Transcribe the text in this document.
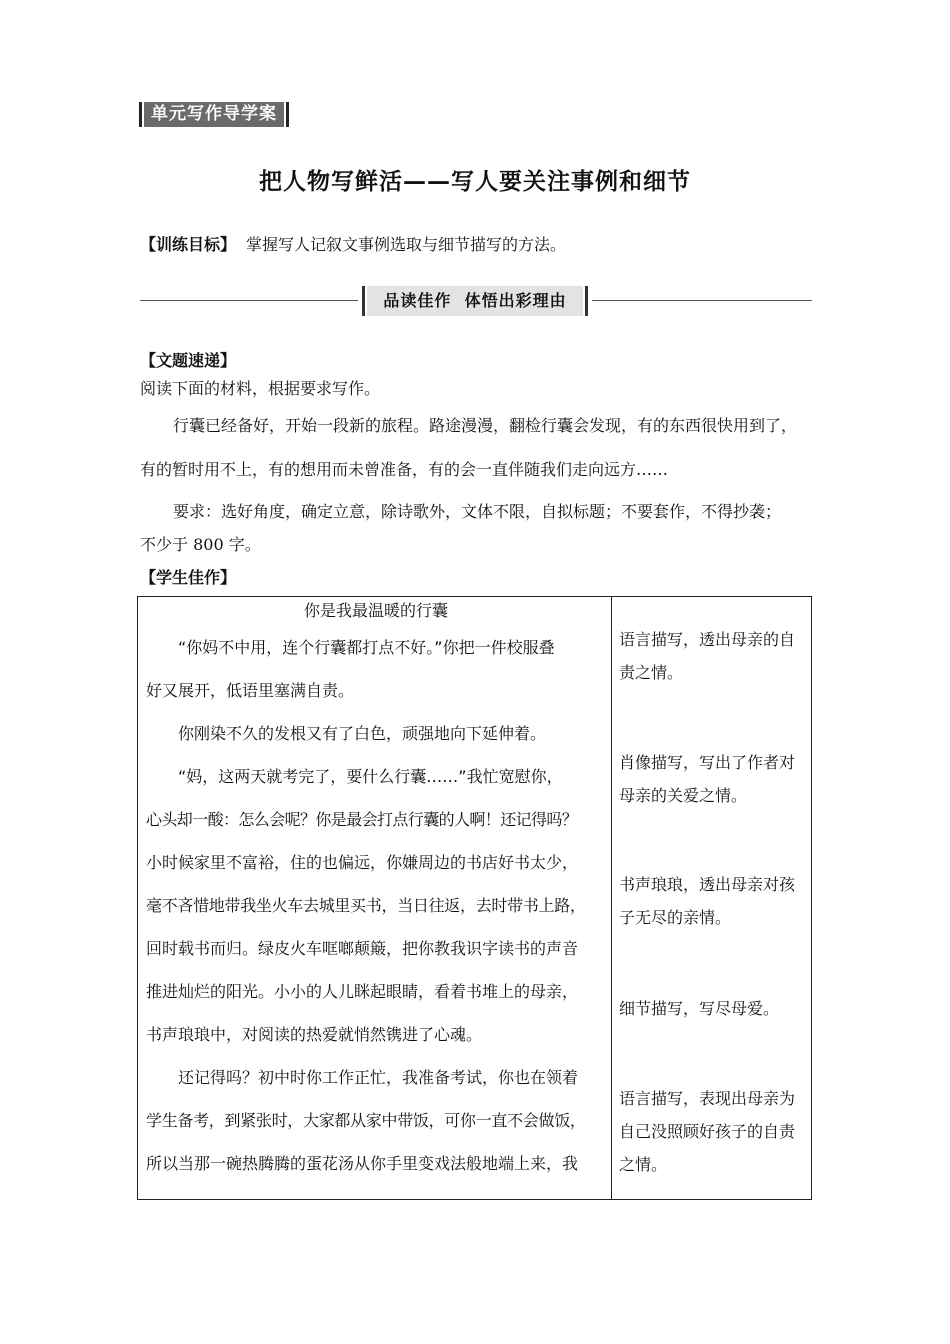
单元写作导学案
把人物写鲜活——写人要关注事例和细节
【训练目标】 掌握写人记叙文事例选取与细节描写的方法。
品读佳作  体悟出彩理由
【文题速递】
阅读下面的材料，根据要求写作。
行囊已经备好，开始一段新的旅程。路途漫漫，翻检行囊会发现，有的东西很快用到了，
有的暂时用不上，有的想用而未曾准备，有的会一直伴随我们走向远方……
要求：选好角度，确定立意，除诗歌外，文体不限，自拟标题；不要套作，不得抄袭；
不少于 800 字。
【学生佳作】
你是我最温暖的行囊
“你妈不中用，连个行囊都打点不好。”你把一件校服叠
好又展开，低语里塞满自责。
你刚染不久的发根又有了白色，顽强地向下延伸着。
“妈，这两天就考完了，要什么行囊……”我忙宽慰你，
心头却一酸：怎么会呢？你是最会打点行囊的人啊！还记得吗？
小时候家里不富裕，住的也偏远，你嫌周边的书店好书太少，
毫不吝惜地带我坐火车去城里买书，当日往返，去时带书上路，
回时载书而归。绿皮火车哐啷颠簸，把你教我识字读书的声音
推进灿烂的阳光。小小的人儿眯起眼睛，看着书堆上的母亲，
书声琅琅中，对阅读的热爱就悄然镌进了心魂。
还记得吗？初中时你工作正忙，我准备考试，你也在领着
学生备考，到紧张时，大家都从家中带饭，可你一直不会做饭，
所以当那一碗热腾腾的蛋花汤从你手里变戏法般地端上来，我
语言描写，透出母亲的自
责之情。
肖像描写，写出了作者对
母亲的关爱之情。
书声琅琅，透出母亲对孩
子无尽的亲情。
细节描写，写尽母爱。
语言描写，表现出母亲为
自己没照顾好孩子的自责
之情。
